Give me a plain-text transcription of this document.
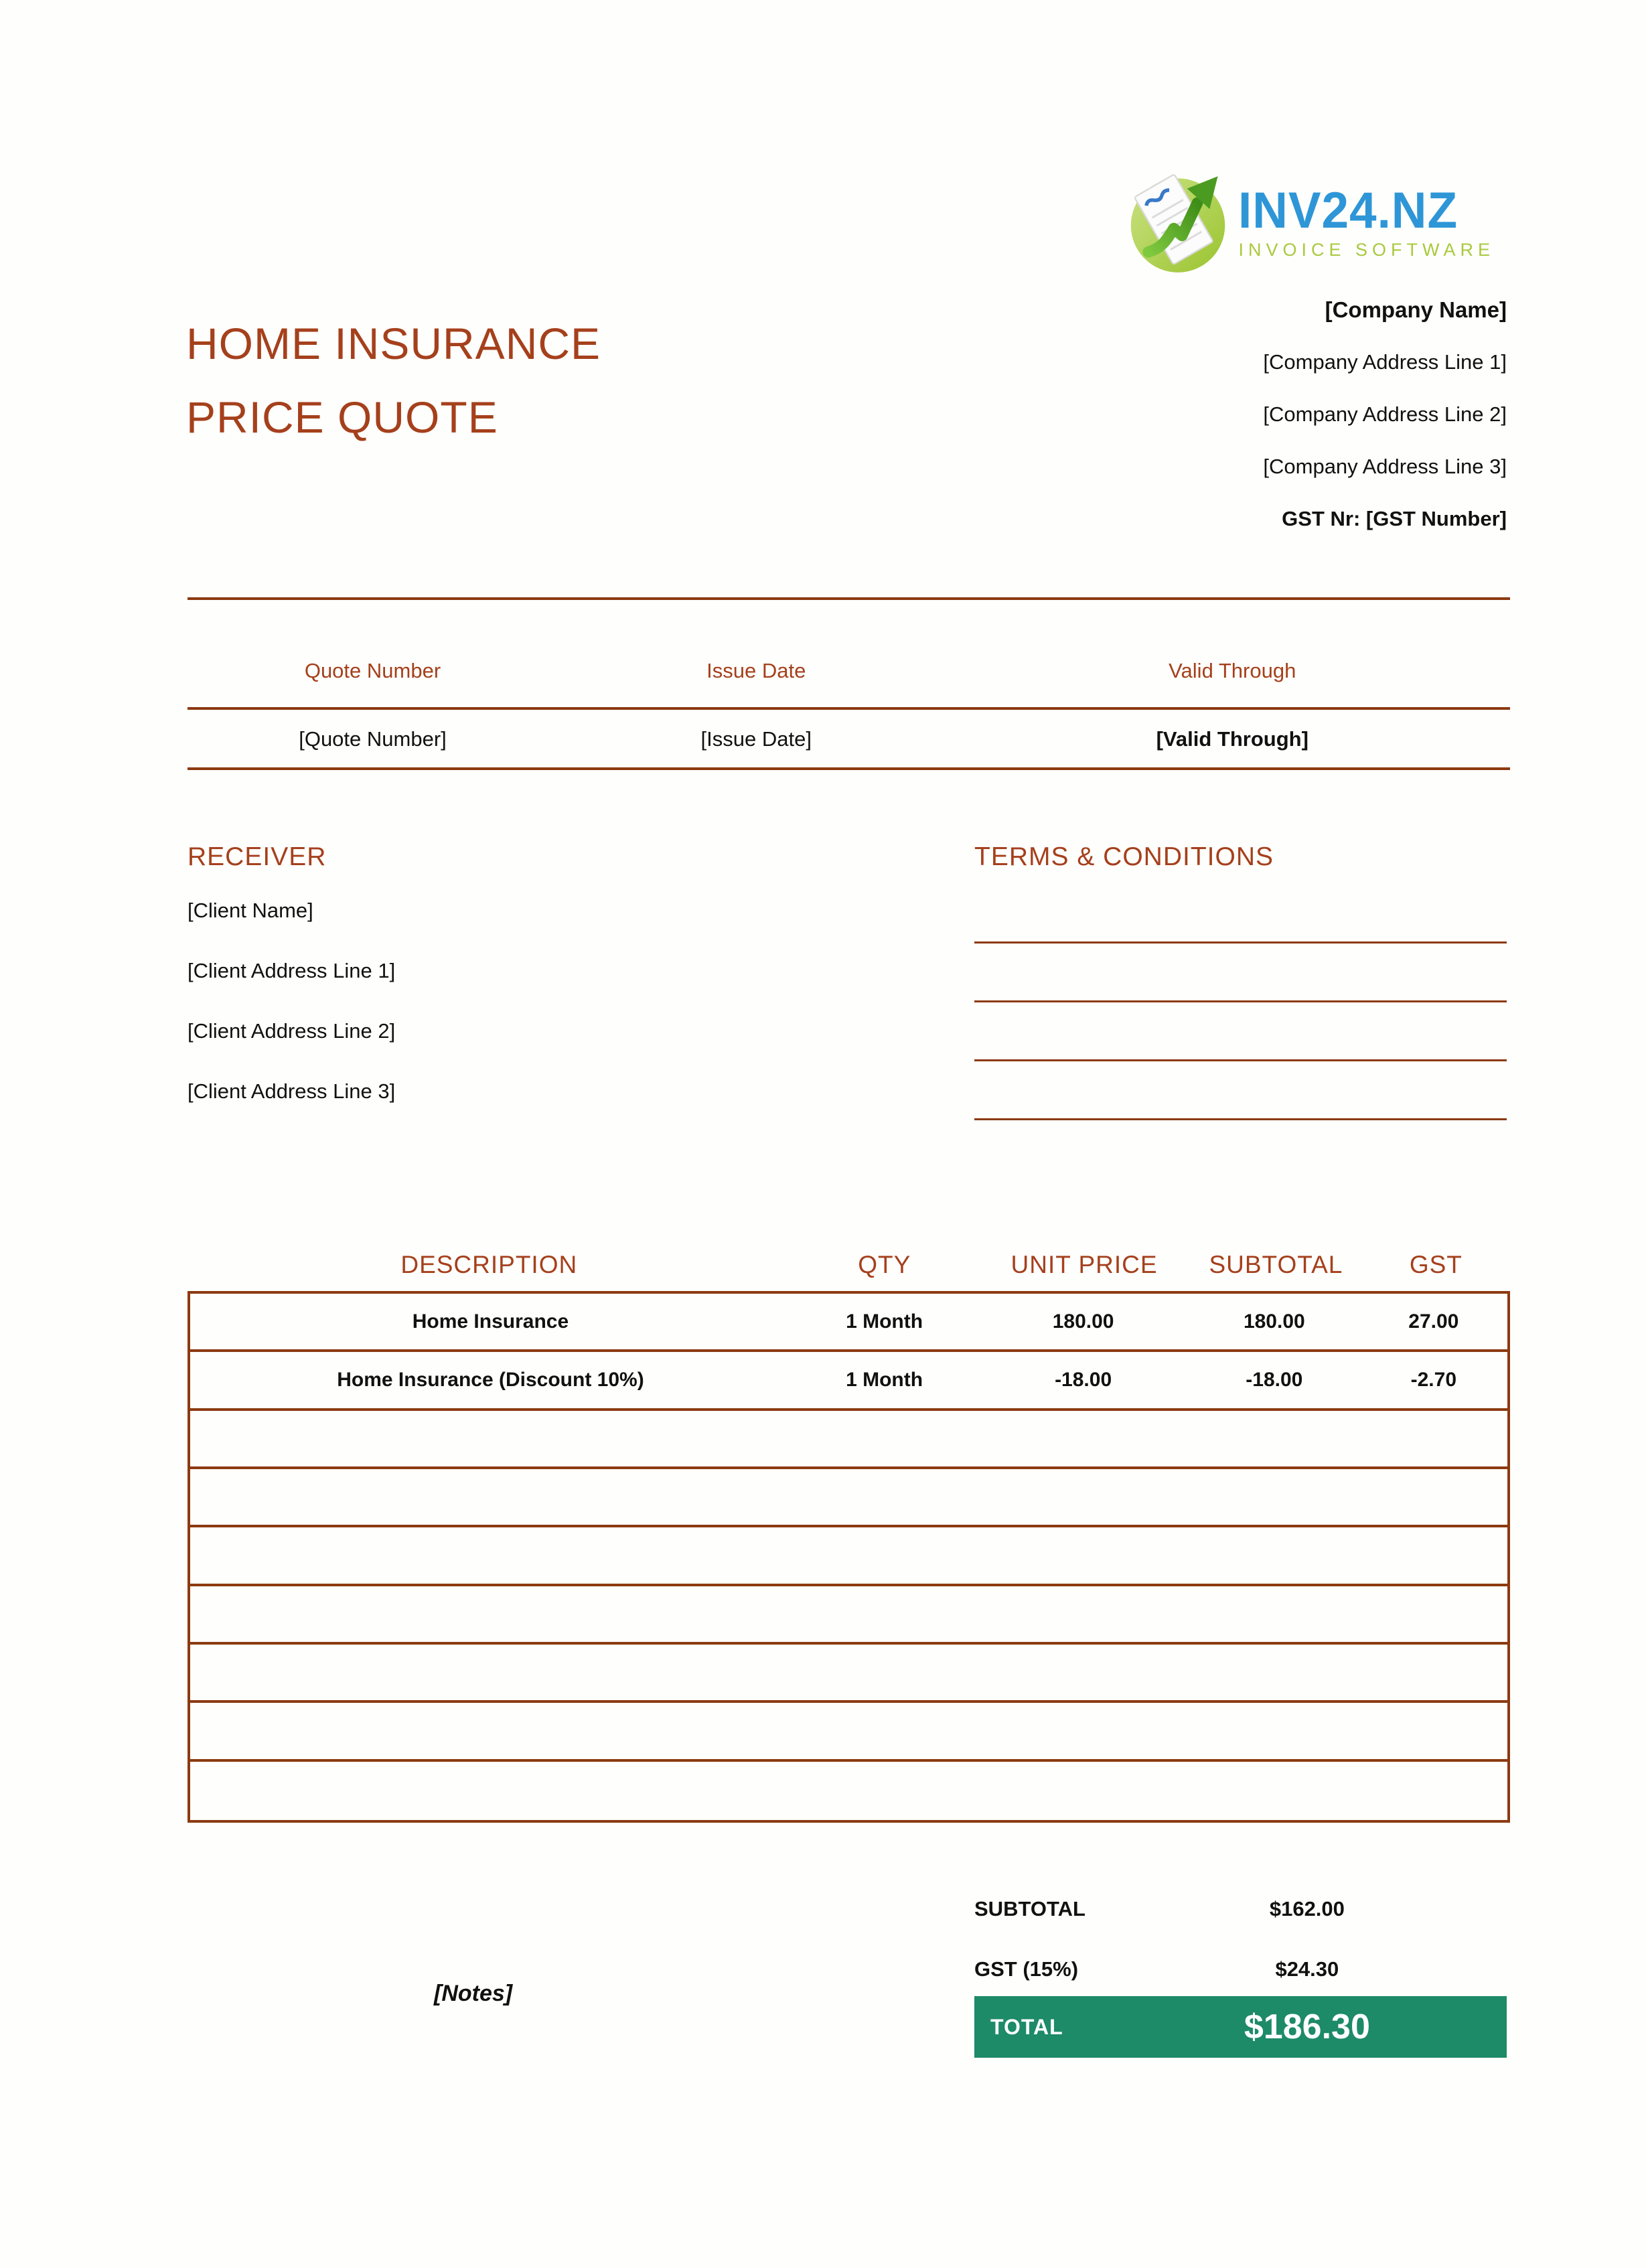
INV24.NZ
INVOICE SOFTWARE
[Company Name]
[Company Address Line 1]
[Company Address Line 2]
[Company Address Line 3]
GST Nr: [GST Number]
HOME INSURANCE
PRICE QUOTE
Quote Number	Issue Date	Valid Through
[Quote Number]	[Issue Date]	[Valid Through]
RECEIVER
[Client Name]
[Client Address Line 1]
[Client Address Line 2]
[Client Address Line 3]
TERMS & CONDITIONS
DESCRIPTION	QTY	UNIT PRICE	SUBTOTAL	GST
Home Insurance	1 Month	180.00	180.00	27.00
Home Insurance (Discount 10%)	1 Month	-18.00	-18.00	-2.70
SUBTOTAL	$162.00
GST (15%)	$24.30
TOTAL	$186.30
[Notes]
